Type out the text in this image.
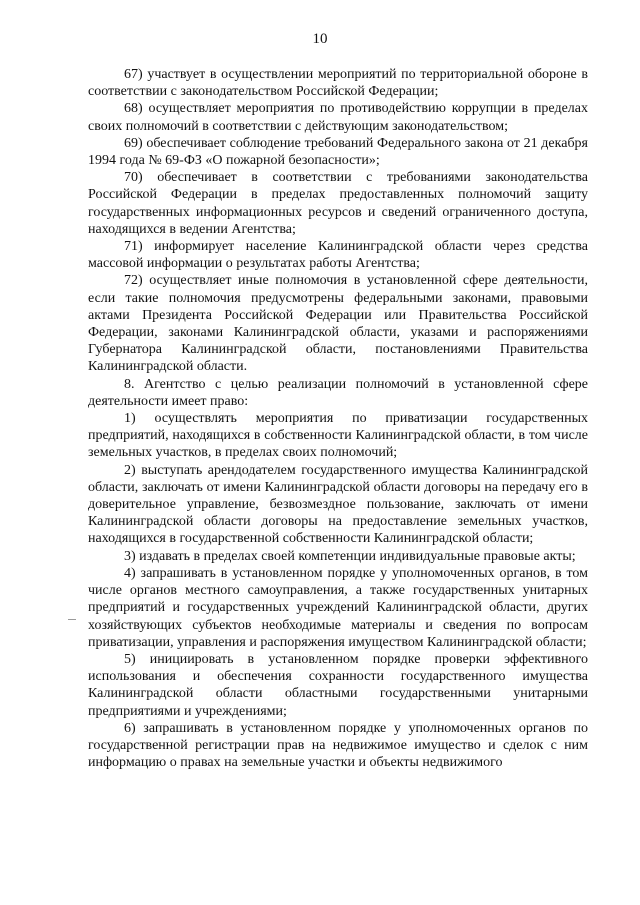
10

67) участвует в осуществлении мероприятий по территориальной обороне в соответствии с законодательством Российской Федерации;

68) осуществляет мероприятия по противодействию коррупции в пределах своих полномочий в соответствии с действующим законодательством;

69) обеспечивает соблюдение требований Федерального закона от 21 декабря 1994 года № 69-ФЗ «О пожарной безопасности»;

70) обеспечивает в соответствии с требованиями законодательства Российской Федерации в пределах предоставленных полномочий защиту государственных информационных ресурсов и сведений ограниченного доступа, находящихся в ведении Агентства;

71) информирует население Калининградской области через средства массовой информации о результатах работы Агентства;

72) осуществляет иные полномочия в установленной сфере деятельности, если такие полномочия предусмотрены федеральными законами, правовыми актами Президента Российской Федерации или Правительства Российской Федерации, законами Калининградской области, указами и распоряжениями Губернатора Калининградской области, постановлениями Правительства Калининградской области.

8. Агентство с целью реализации полномочий в установленной сфере деятельности имеет право:

1) осуществлять мероприятия по приватизации государственных предприятий, находящихся в собственности Калининградской области, в том числе земельных участков, в пределах своих полномочий;

2) выступать арендодателем государственного имущества Калининградской области, заключать от имени Калининградской области договоры на передачу его в доверительное управление, безвозмездное пользование, заключать от имени Калининградской области договоры на предоставление земельных участков, находящихся в государственной собственности Калининградской области;

3) издавать в пределах своей компетенции индивидуальные правовые акты;

4) запрашивать в установленном порядке у уполномоченных органов, в том числе органов местного самоуправления, а также государственных унитарных предприятий и государственных учреждений Калининградской области, других хозяйствующих субъектов необходимые материалы и сведения по вопросам приватизации, управления и распоряжения имуществом Калининградской области;

5) инициировать в установленном порядке проверки эффективного использования и обеспечения сохранности государственного имущества Калининградской области областными государственными унитарными предприятиями и учреждениями;

6) запрашивать в установленном порядке у уполномоченных органов по государственной регистрации прав на недвижимое имущество и сделок с ним информацию о правах на земельные участки и объекты недвижимого
